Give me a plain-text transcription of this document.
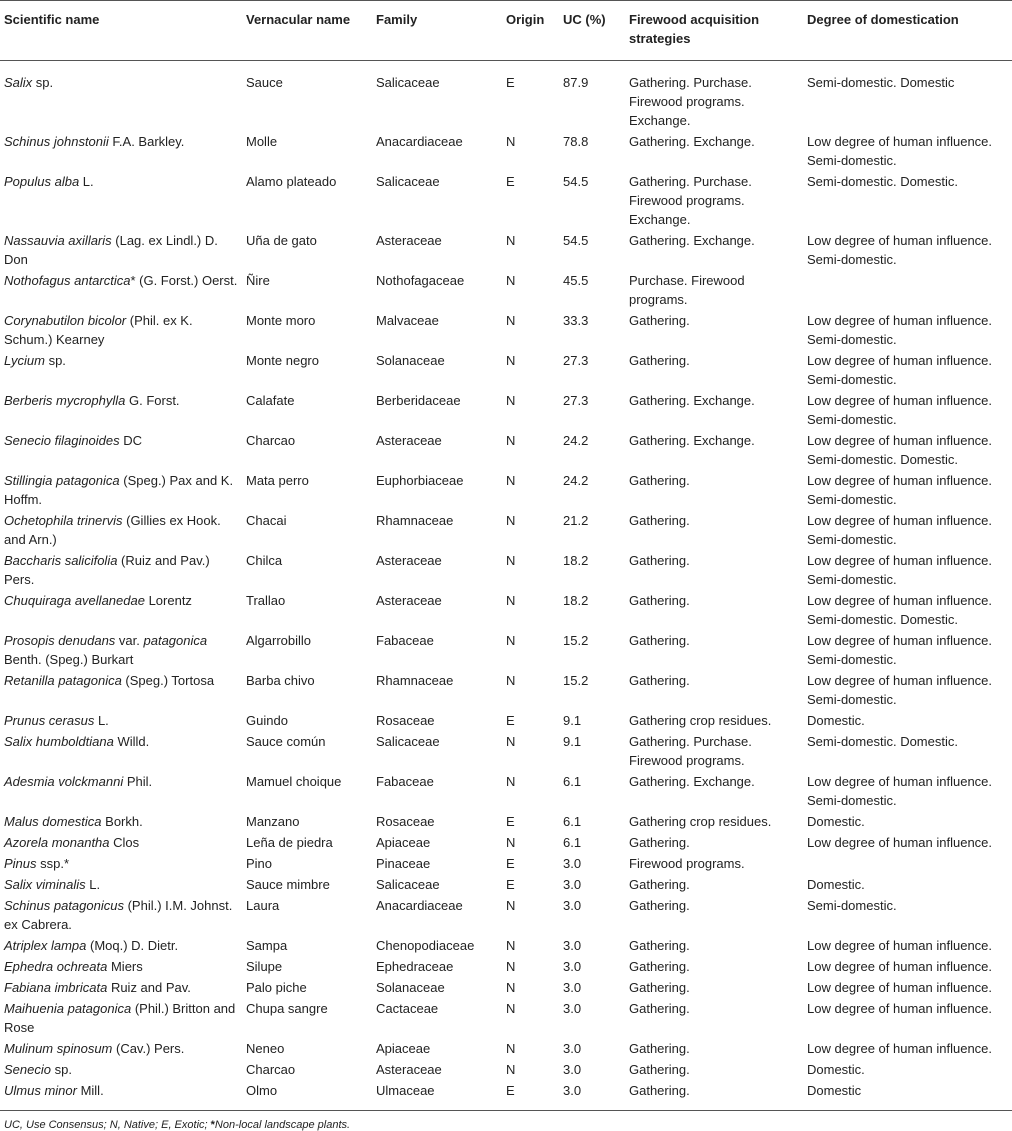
Scientific name	Vernacular name	Family	Origin	UC (%)	Firewood acquisition strategies	Degree of domestication
Salix sp.	Sauce	Salicaceae	E	87.9	Gathering. Purchase. Firewood programs. Exchange.	Semi-domestic. Domestic
Schinus johnstonii F.A. Barkley.	Molle	Anacardiaceae	N	78.8	Gathering. Exchange.	Low degree of human influence. Semi-domestic.
Populus alba L.	Alamo plateado	Salicaceae	E	54.5	Gathering. Purchase. Firewood programs. Exchange.	Semi-domestic. Domestic.
Nassauvia axillaris (Lag. ex Lindl.) D. Don	Uña de gato	Asteraceae	N	54.5	Gathering. Exchange.	Low degree of human influence. Semi-domestic.
Nothofagus antarctica* (G. Forst.) Oerst.	Ñire	Nothofagaceae	N	45.5	Purchase. Firewood programs.	
Corynabutilon bicolor (Phil. ex K. Schum.) Kearney	Monte moro	Malvaceae	N	33.3	Gathering.	Low degree of human influence. Semi-domestic.
Lycium sp.	Monte negro	Solanaceae	N	27.3	Gathering.	Low degree of human influence. Semi-domestic.
Berberis mycrophylla G. Forst.	Calafate	Berberidaceae	N	27.3	Gathering. Exchange.	Low degree of human influence. Semi-domestic.
Senecio filaginoides DC	Charcao	Asteraceae	N	24.2	Gathering. Exchange.	Low degree of human influence. Semi-domestic. Domestic.
Stillingia patagonica (Speg.) Pax and K. Hoffm.	Mata perro	Euphorbiaceae	N	24.2	Gathering.	Low degree of human influence. Semi-domestic.
Ochetophila trinervis (Gillies ex Hook. and Arn.)	Chacai	Rhamnaceae	N	21.2	Gathering.	Low degree of human influence. Semi-domestic.
Baccharis salicifolia (Ruiz and Pav.) Pers.	Chilca	Asteraceae	N	18.2	Gathering.	Low degree of human influence. Semi-domestic.
Chuquiraga avellanedae Lorentz	Trallao	Asteraceae	N	18.2	Gathering.	Low degree of human influence. Semi-domestic. Domestic.
Prosopis denudans var. patagonica Benth. (Speg.) Burkart	Algarrobillo	Fabaceae	N	15.2	Gathering.	Low degree of human influence. Semi-domestic.
Retanilla patagonica (Speg.) Tortosa	Barba chivo	Rhamnaceae	N	15.2	Gathering.	Low degree of human influence. Semi-domestic.
Prunus cerasus L.	Guindo	Rosaceae	E	9.1	Gathering crop residues.	Domestic.
Salix humboldtiana Willd.	Sauce común	Salicaceae	N	9.1	Gathering. Purchase. Firewood programs.	Semi-domestic. Domestic.
Adesmia volckmanni Phil.	Mamuel choique	Fabaceae	N	6.1	Gathering. Exchange.	Low degree of human influence. Semi-domestic.
Malus domestica Borkh.	Manzano	Rosaceae	E	6.1	Gathering crop residues.	Domestic.
Azorela monantha Clos	Leña de piedra	Apiaceae	N	6.1	Gathering.	Low degree of human influence.
Pinus ssp.*	Pino	Pinaceae	E	3.0	Firewood programs.	
Salix viminalis L.	Sauce mimbre	Salicaceae	E	3.0	Gathering.	Domestic.
Schinus patagonicus (Phil.) I.M. Johnst. ex Cabrera.	Laura	Anacardiaceae	N	3.0	Gathering.	Semi-domestic.
Atriplex lampa (Moq.) D. Dietr.	Sampa	Chenopodiaceae	N	3.0	Gathering.	Low degree of human influence.
Ephedra ochreata Miers	Silupe	Ephedraceae	N	3.0	Gathering.	Low degree of human influence.
Fabiana imbricata Ruiz and Pav.	Palo piche	Solanaceae	N	3.0	Gathering.	Low degree of human influence.
Maihuenia patagonica (Phil.) Britton and Rose	Chupa sangre	Cactaceae	N	3.0	Gathering.	Low degree of human influence.
Mulinum spinosum (Cav.) Pers.	Neneo	Apiaceae	N	3.0	Gathering.	Low degree of human influence.
Senecio sp.	Charcao	Asteraceae	N	3.0	Gathering.	Domestic.
Ulmus minor Mill.	Olmo	Ulmaceae	E	3.0	Gathering.	Domestic
UC, Use Consensus; N, Native; E, Exotic; *Non-local landscape plants.
